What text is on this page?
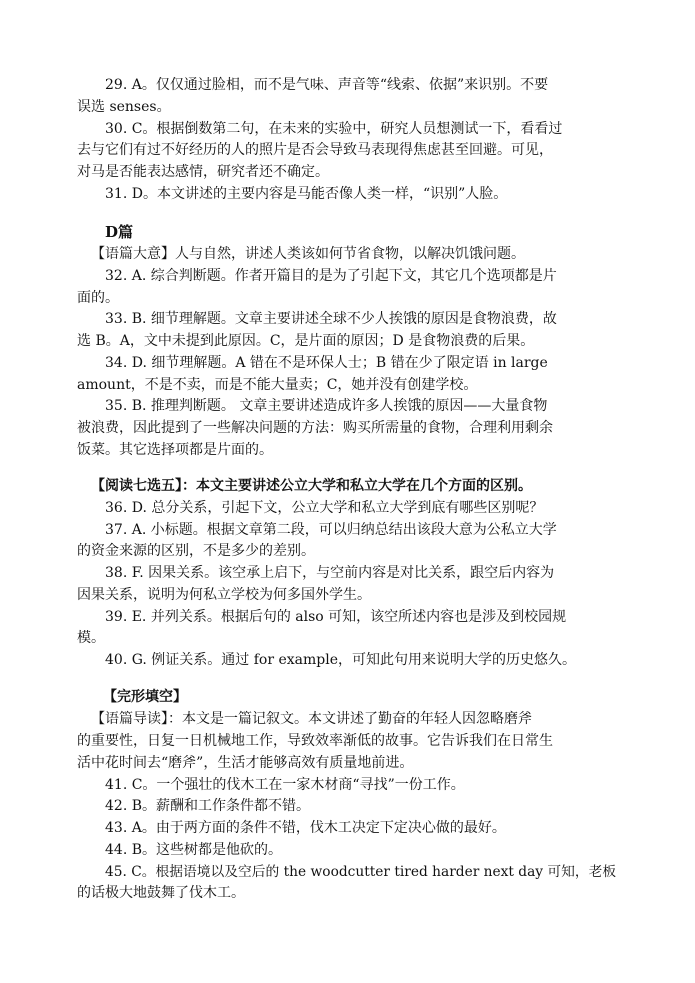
29. A。仅仅通过脸相，而不是气味、声音等“线索、依据”来识别。不要
误选 senses。
30. C。根据倒数第二句，在未来的实验中，研究人员想测试一下，看看过
去与它们有过不好经历的人的照片是否会导致马表现得焦虑甚至回避。可见，
对马是否能表达感情，研究者还不确定。
31. D。本文讲述的主要内容是马能否像人类一样，“识别”人脸。
D篇
【语篇大意】人与自然，讲述人类该如何节省食物，以解决饥饿问题。
32. A. 综合判断题。作者开篇目的是为了引起下文，其它几个选项都是片
面的。
33. B. 细节理解题。文章主要讲述全球不少人挨饿的原因是食物浪费，故
选 B。A，文中未提到此原因。C，是片面的原因；D 是食物浪费的后果。
34. D. 细节理解题。A 错在不是环保人士；B 错在少了限定语 in large
amount，不是不卖，而是不能大量卖；C，她并没有创建学校。
35. B. 推理判断题。 文章主要讲述造成许多人挨饿的原因——大量食物
被浪费，因此提到了一些解决问题的方法：购买所需量的食物，合理利用剩余
饭菜。其它选择项都是片面的。
【阅读七选五】：本文主要讲述公立大学和私立大学在几个方面的区别。
36. D. 总分关系，引起下文，公立大学和私立大学到底有哪些区别呢？
37. A. 小标题。根据文章第二段，可以归纳总结出该段大意为公私立大学
的资金来源的区别，不是多少的差别。
38. F. 因果关系。该空承上启下，与空前内容是对比关系，跟空后内容为
因果关系，说明为何私立学校为何多国外学生。
39. E. 并列关系。根据后句的 also 可知，该空所述内容也是涉及到校园规
模。
40. G. 例证关系。通过 for example，可知此句用来说明大学的历史悠久。
【完形填空】
【语篇导读】：本文是一篇记叙文。本文讲述了勤奋的年轻人因忽略磨斧
的重要性，日复一日机械地工作，导致效率渐低的故事。它告诉我们在日常生
活中花时间去“磨斧”，生活才能够高效有质量地前进。
41. C。一个强壮的伐木工在一家木材商“寻找”一份工作。
42. B。薪酬和工作条件都不错。
43. A。由于两方面的条件不错，伐木工决定下定决心做的最好。
44. B。这些树都是他砍的。
45. C。根据语境以及空后的 the woodcutter tired harder next day 可知，老板
的话极大地鼓舞了伐木工。
